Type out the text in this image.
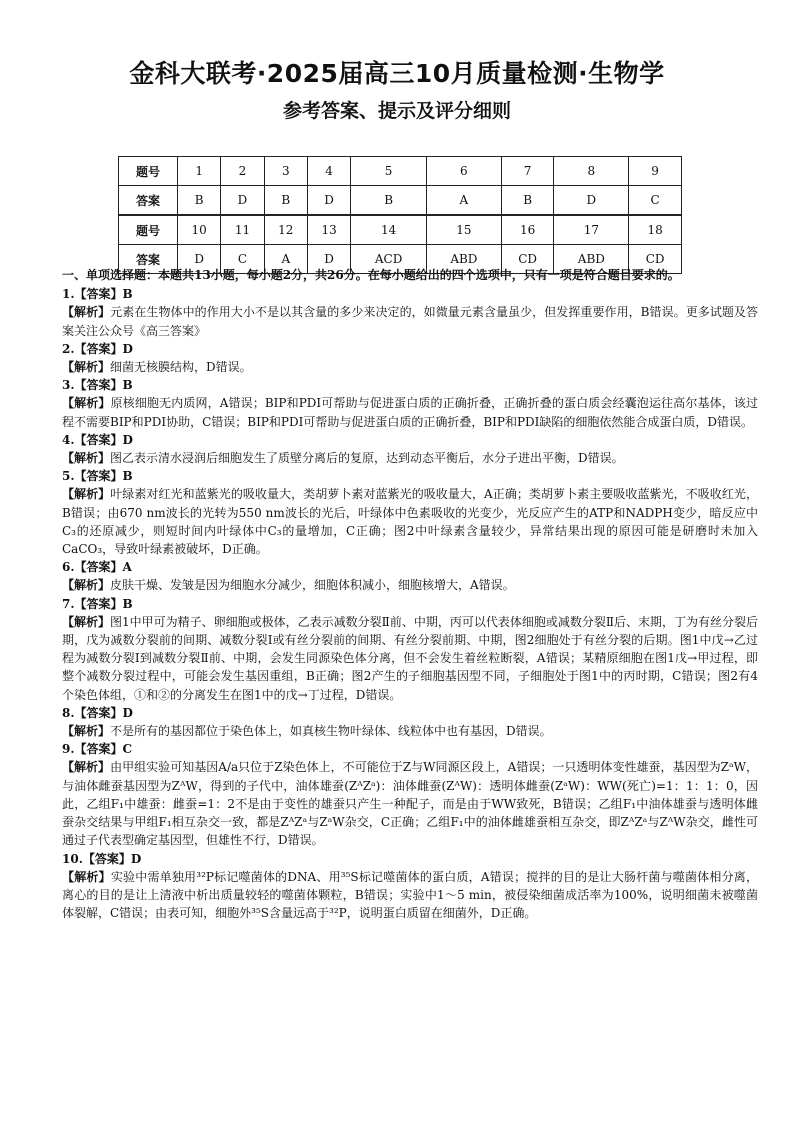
金科大联考·2025届高三10月质量检测·生物学
参考答案、提示及评分细则
题号	1	2	3	4	5	6	7	8	9
答案	B	D	B	D	B	A	B	D	C
题号	10	11	12	13	14	15	16	17	18
答案	D	C	A	D	ACD	ABD	CD	ABD	CD
一、单项选择题：本题共13小题，每小题2分，共26分。在每小题给出的四个选项中，只有一项是符合题目要求的。
1.【答案】B
【解析】元素在生物体中的作用大小不是以其含量的多少来决定的，如微量元素含量虽少，但发挥重要作用，B错误。更多试题及答案关注公众号《高三答案》
2.【答案】D
【解析】细菌无核膜结构，D错误。
3.【答案】B
【解析】原核细胞无内质网，A错误；BIP和PDI可帮助与促进蛋白质的正确折叠，正确折叠的蛋白质会经囊泡运往高尔基体，该过程不需要BIP和PDI协助，C错误；BIP和PDI可帮助与促进蛋白质的正确折叠，BIP和PDI缺陷的细胞依然能合成蛋白质，D错误。
4.【答案】D
【解析】图乙表示清水浸润后细胞发生了质壁分离后的复原，达到动态平衡后，水分子进出平衡，D错误。
5.【答案】B
【解析】叶绿素对红光和蓝紫光的吸收量大，类胡萝卜素对蓝紫光的吸收量大，A正确；类胡萝卜素主要吸收蓝紫光，不吸收红光，B错误；由670 nm波长的光转为550 nm波长的光后，叶绿体中色素吸收的光变少，光反应产生的ATP和NADPH变少，暗反应中C₃的还原减少，则短时间内叶绿体中C₃的量增加，C正确；图2中叶绿素含量较少，异常结果出现的原因可能是研磨时未加入CaCO₃，导致叶绿素被破坏，D正确。
6.【答案】A
【解析】皮肤干燥、发皱是因为细胞水分减少，细胞体积减小，细胞核增大，A错误。
7.【答案】B
【解析】图1中甲可为精子、卵细胞或极体，乙表示减数分裂Ⅱ前、中期，丙可以代表体细胞或减数分裂Ⅱ后、末期，丁为有丝分裂后期，戊为减数分裂前的间期、减数分裂Ⅰ或有丝分裂前的间期、有丝分裂前期、中期，图2细胞处于有丝分裂的后期。图1中戊→乙过程为减数分裂Ⅰ到减数分裂Ⅱ前、中期，会发生同源染色体分离，但不会发生着丝粒断裂，A错误；某精原细胞在图1戊→甲过程，即整个减数分裂过程中，可能会发生基因重组，B正确；图2产生的子细胞基因型不同，子细胞处于图1中的丙时期，C错误；图2有4个染色体组，①和②的分离发生在图1中的戊→丁过程，D错误。
8.【答案】D
【解析】不是所有的基因都位于染色体上，如真核生物叶绿体、线粒体中也有基因，D错误。
9.【答案】C
【解析】由甲组实验可知基因A/a只位于Z染色体上，不可能位于Z与W同源区段上，A错误；一只透明体变性雄蚕，基因型为ZᵃW，与油体雌蚕基因型为ZᴬW，得到的子代中，油体雄蚕(ZᴬZᵃ)：油体雌蚕(ZᴬW)：透明体雌蚕(ZᵃW)：WW(死亡)=1：1：1：0，因此，乙组F₁中雄蚕：雌蚕=1：2不是由于变性的雄蚕只产生一种配子，而是由于WW致死，B错误；乙组F₁中油体雄蚕与透明体雌蚕杂交结果与甲组F₁相互杂交一致，都是ZᴬZᵃ与ZᵃW杂交，C正确；乙组F₁中的油体雌雄蚕相互杂交，即ZᴬZᵃ与ZᴬW杂交，雌性可通过子代表型确定基因型，但雄性不行，D错误。
10.【答案】D
【解析】实验中需单独用³²P标记噬菌体的DNA、用³⁵S标记噬菌体的蛋白质，A错误；搅拌的目的是让大肠杆菌与噬菌体相分离，离心的目的是让上清液中析出质量较轻的噬菌体颗粒，B错误；实验中1～5 min，被侵染细菌成活率为100%，说明细菌未被噬菌体裂解，C错误；由表可知，细胞外³⁵S含量远高于³²P，说明蛋白质留在细菌外，D正确。
